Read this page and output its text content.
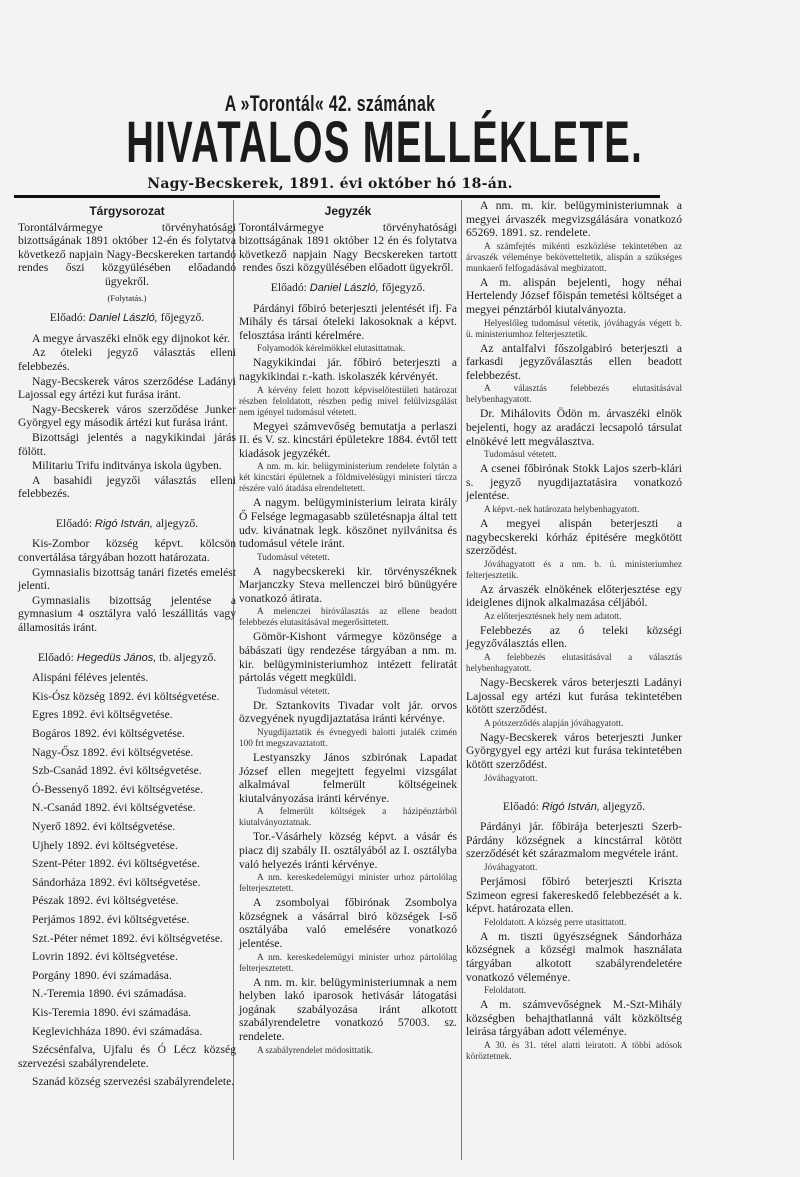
A »Torontál« 42. számának
HIVATALOS MELLÉKLETE.
Nagy-Becskerek, 1891. évi október hó 18-án.
Tárgysorozat

Torontálvármegye törvényhatósági bizottságának 1891 október 12-én és folytatva következő napjain Nagy-Becskereken tartandó rendes őszi közgyülésében előadandó ügyekről.

(Folytatás.)
Előadó: Daniel László, főjegyző.

A megye árvaszéki elnök egy dijnokot kér.

Az óteleki jegyző választás elleni felebbezés.

Nagy-Becskerek város szerződése Ladányi Lajossal egy ártézi kut furása iránt.

Nagy-Becskerek város szerződése Junker Györgyel egy második ártézi kut furása iránt.

Bizottsági jelentés a nagykikindai járás fölött.

Militariu Trifu inditványa iskola ügyben.

A basahidi jegyzői választás elleni felebbezés.

Előadó: Rigó István, aljegyző.

Kis-Zombor község képvt. kölcsön convertálása tárgyában hozott határozata.

Gymnasialis bizottság tanári fizetés emelést jelenti.

Gymnasialis bizottság jelentése a gymnasium 4 osztályra való leszállitás vagy államositás iránt.

Előadó: Hegedüs János, tb. aljegyző.

Alispáni féléves jelentés.

Kis-Ósz község 1892. évi költségvetése.

Egres 1892. évi költségvetése.

Bogáros 1892. évi költségvetése.

Nagy-Ősz 1892. évi költségvetése.

Szb-Csanád 1892. évi költségvetése.

Ó-Bessenyő 1892. évi költségvetése.

N.-Csanád 1892. évi költségvetése.

Nyerő 1892. évi költségvetése.

Ujhely 1892. évi költségvetése.

Szent-Péter 1892. évi költségvetése.

Sándorháza 1892. évi költségvetése.

Pészak 1892. évi költségvetése.

Perjámos 1892. évi költségvetése.

Szt.-Péter német 1892. évi költségvetése.

Lovrin 1892. évi költségvetése.

Porgány 1890. évi számadása.

N.-Teremia 1890. évi számadása.

Kis-Teremia 1890. évi számadása.

Keglevichháza 1890. évi számadása.

Szécsénfalva, Ujfalu és Ó Lécz község szervezési szabályrendelete.

Szanád község szervezési szabályrendelete.

Jegyzék

Torontálvármegye törvényhatósági bizottságának 1891 október 12 én és folytatva következő napjain Nagy Becskereken tartott rendes őszi közgyülésében előadott ügyekről.

Előadó: Daniel László, főjegyző.

Párdányi főbiró beterjeszti jelentését ifj. Fa Mihály és társai óteleki lakosoknak a képvt. felosztása iránti kérelmére.

Folyamodók kérelmökkel elutasittatnak.

Nagykikindai jár. főbiró beterjeszti a nagykikindai r.-kath. iskolaszék kérvényét.

A kérvény felett hozott képviselőtestületi határozat részben feloldatott, részben pedig mivel felülvizsgálást nem igényel tudomásul vétetett.

Megyei számvevőség bemutatja a perlaszi II. és V. sz. kincstári épületekre 1884. évtől tett kiadások jegyzékét.

A nm. m. kir. belügyministerium rendelete folytán a két kincstári épületnek a földmivelésügyi ministeri tárcza részére való átadása elrendeltetett.

A nagym. belügyministerium leirata király Ő Felsége legmagasabb születésnapja által tett udv. kivánatnak legk. köszönet nyilvánitsa és tudomásul vétele iránt.

Tudomásul vétetett.

A nagybecskereki kir. törvényszéknek Marjanczky Steva mellenczei biró bünügyére vonatkozó átirata.

A melenczei biróválasztás az ellene beadott felebbezés elutasitásával megerősittetett.

Gömör-Kishont vármegye közönsége a bábászati ügy rendezése tárgyában a nm. m. kir. belügyministeriumhoz intézett feliratát pártolás végett megküldi.

Tudomásul vétetett.

Dr. Sztankovits Tivadar volt jár. orvos özvegyének nyugdijaztatása iránti kérvénye.

Nyugdijaztatik és évnegyedi halotti jutalék czimén 100 frt megszavaztatott.

Lestyanszky János szbirónak Lapadat József ellen megejtett fegyelmi vizsgálat alkalmával felmerült költségeinek kiutalványozása iránti kérvénye.

A felmerült költségek a házipénztárból kiutalványoztatnak.

Tor.-Vásárhely község képvt. a vásár és piacz dij szabály II. osztályából az I. osztályba való helyezés iránti kérvénye.

A nm. kereskedelemügyi minister urhoz pártolólag felterjesztetett.

A zsombolyai főbirónak Zsombolya községnek a vásárral biró községek I-ső osztályába való emelésére vonatkozó jelentése.

A nm. kereskedelemügyi minister urhoz pártolólag felterjesztetett.

A nm. m. kir. belügyministeriumnak a nem helyben lakó iparosok hetivásár látogatási jogának szabályozása iránt alkotott szabályrendeletre vonatkozó 57003. sz. rendelete.

A szabályrendelet módosittatik.

A nm. m. kir. belügyministeriumnak a megyei árvaszék megvizsgálására vonatkozó 65269. 1891. sz. rendelete.

A számfejtés mikénti eszközlése tekintetében az árvaszék véleménye bekövetteltetik, alispán a szükséges munkaerő felfogadásával megbizatott.

A m. alispán bejelenti, hogy néhai Hertelendy József főispán temetési költséget a megyei pénztárból kiutalványozta.

Helyeslőleg tudomásul vétetik, jóváhagyás végett b. ü. ministeriumhoz felterjesztetik.

Az antalfalvi főszolgabiró beterjeszti a farkasdi jegyzőválasztás ellen beadott felebbezést.

A választás felebbezés elutasitásával helybenhagyatott.

Dr. Mihálovits Ödön m. árvaszéki elnök bejelenti, hogy az aradáczi lecsapoló társulat elnökévé lett megválasztva.

Tudomásul vétetett.

A csenei főbirónak Stokk Lajos szerb-klári s. jegyző nyugdijaztatásira vonatkozó jelentése.

A képvt.-nek határozata helybenhagyatott.

A megyei alispán beterjeszti a nagybecskereki kórház épitésére megkötött szerződést.

Jóváhagyatott és a nm. b. ü. ministeriumhez felterjesztetik.

Az árvaszék elnökének előterjesztése egy ideiglenes dijnok alkalmazása céljából.

Az előterjesztésnek hely nem adatott.

Felebbezés az ó teleki községi jegyzőválasztás ellen.

A felebbezés elutasitásával a választás helybenhagyatott.

Nagy-Becskerek város beterjeszti Ladányi Lajossal egy artézi kut furása tekintetében kötött szerződést.

A pótszerződés alapján jóváhagyatott.

Nagy-Becskerek város beterjeszti Junker Györgygyel egy artézi kut furása tekintetében kötött szerződést.

Jóváhagyatott.

Előadó: Rigó István, aljegyző.

Párdányi jár. főbirája beterjeszti Szerb-Párdány községnek a kincstárral kötött szerződését két szárazmalom megvétele iránt.

Jóváhagyatott.

Perjámosi főbiró beterjeszti Kriszta Szimeon egresi fakereskedő felebbezését a k. képvt. határozata ellen.

Feloldatott. A község perre utasittatott.

A m. tiszti ügyészségnek Sándorháza községnek a községi malmok használata tárgyában alkotott szabályrendeletére vonatkozó véleménye.

Feloldatott.

A m. számvevőségnek M.-Szt-Mihály községben behajthatlanná vált közköltség leirása tárgyában adott véleménye.

A 30. és 31. tétel alatti leiratott. A többi adósok köröztetnek.
